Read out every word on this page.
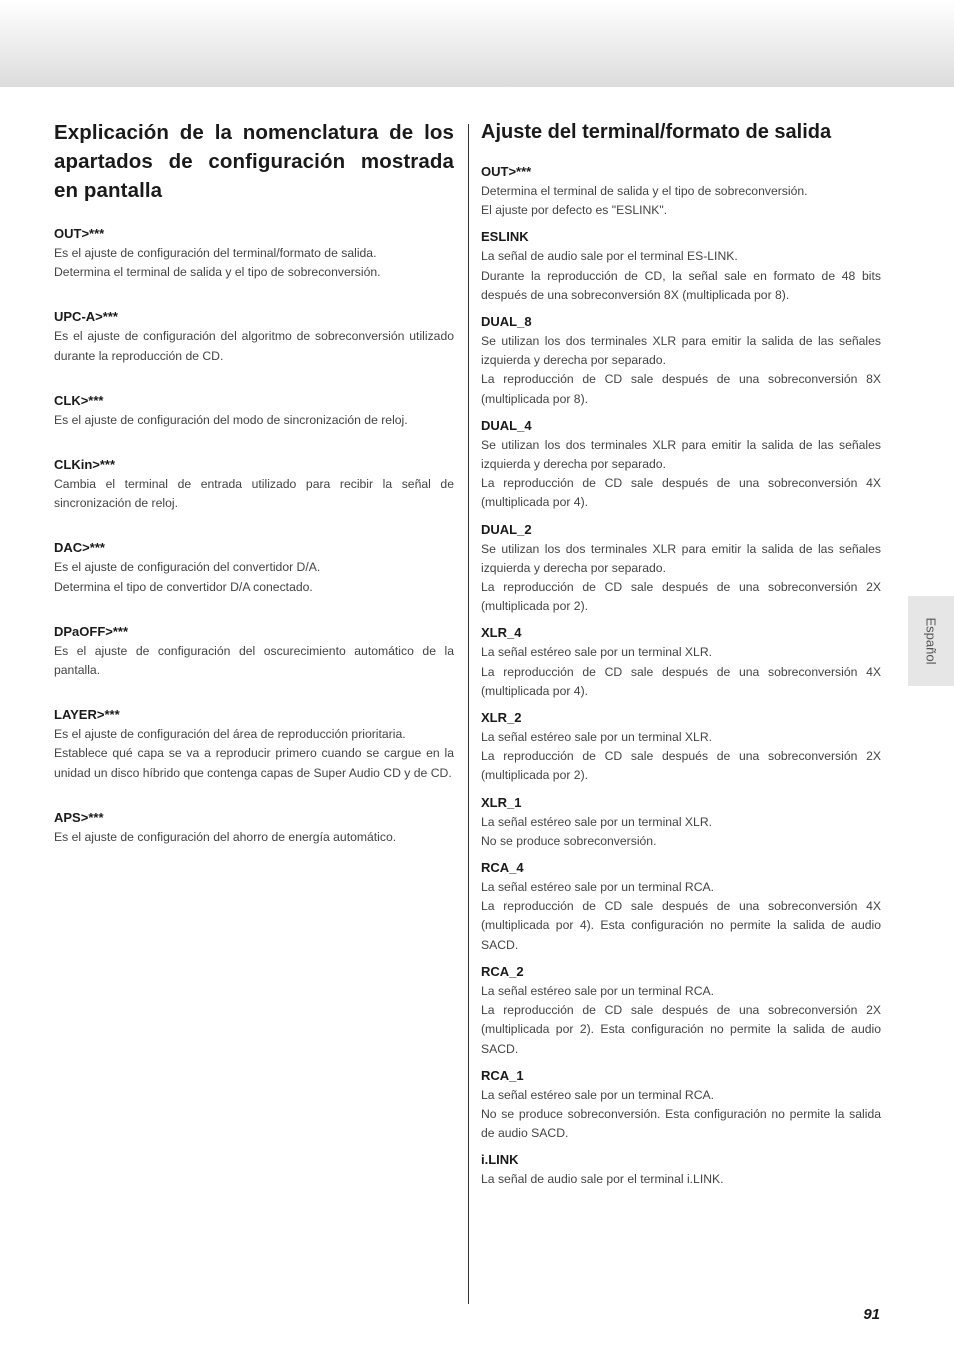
Explicación de la nomenclatura de los apartados de configuración mostrada en pantalla
OUT>***

Es el ajuste de configuración del terminal/formato de salida.

Determina el terminal de salida y el tipo de sobreconversión.

UPC-A>***

Es el ajuste de configuración del algoritmo de sobreconversión utilizado durante la reproducción de CD.

CLK>***

Es el ajuste de configuración del modo de sincronización de reloj.

CLKin>***

Cambia el terminal de entrada utilizado para recibir la señal de sincronización de reloj.

DAC>***

Es el ajuste de configuración del convertidor D/A.

Determina el tipo de convertidor D/A conectado.

DPaOFF>***

Es el ajuste de configuración del oscurecimiento automático de la pantalla.

LAYER>***

Es el ajuste de configuración del área de reproducción prioritaria.

Establece qué capa se va a reproducir primero cuando se cargue en la unidad un disco híbrido que contenga capas de Super Audio CD y de CD.

APS>***

Es el ajuste de configuración del ahorro de energía automático.

Ajuste del terminal/formato de salida
OUT>***

Determina el terminal de salida y el tipo de sobreconversión.

El ajuste por defecto es "ESLINK".

ESLINK

La señal de audio sale por el terminal ES-LINK.

Durante la reproducción de CD, la señal sale en formato de 48 bits después de una sobreconversión 8X (multiplicada por 8).

DUAL_8

Se utilizan los dos terminales XLR para emitir la salida de las señales izquierda y derecha por separado.

La reproducción de CD sale después de una sobreconversión 8X (multiplicada por 8).

DUAL_4

Se utilizan los dos terminales XLR para emitir la salida de las señales izquierda y derecha por separado.

La reproducción de CD sale después de una sobreconversión 4X (multiplicada por 4).

DUAL_2

Se utilizan los dos terminales XLR para emitir la salida de las señales izquierda y derecha por separado.

La reproducción de CD sale después de una sobreconversión 2X (multiplicada por 2).

XLR_4

La señal estéreo sale por un terminal XLR.

La reproducción de CD sale después de una sobreconversión 4X (multiplicada por 4).

XLR_2

La señal estéreo sale por un terminal XLR.

La reproducción de CD sale después de una sobreconversión 2X (multiplicada por 2).

XLR_1

La señal estéreo sale por un terminal XLR.

No se produce sobreconversión.

RCA_4

La señal estéreo sale por un terminal RCA.

La reproducción de CD sale después de una sobreconversión 4X (multiplicada por 4). Esta configuración no permite la salida de audio SACD.

RCA_2

La señal estéreo sale por un terminal RCA.

La reproducción de CD sale después de una sobreconversión 2X (multiplicada por 2). Esta configuración no permite la salida de audio SACD.

RCA_1

La señal estéreo sale por un terminal RCA.

No se produce sobreconversión. Esta configuración no permite la salida de audio SACD.

i.LINK

La señal de audio sale por el terminal i.LINK.

Español
91
